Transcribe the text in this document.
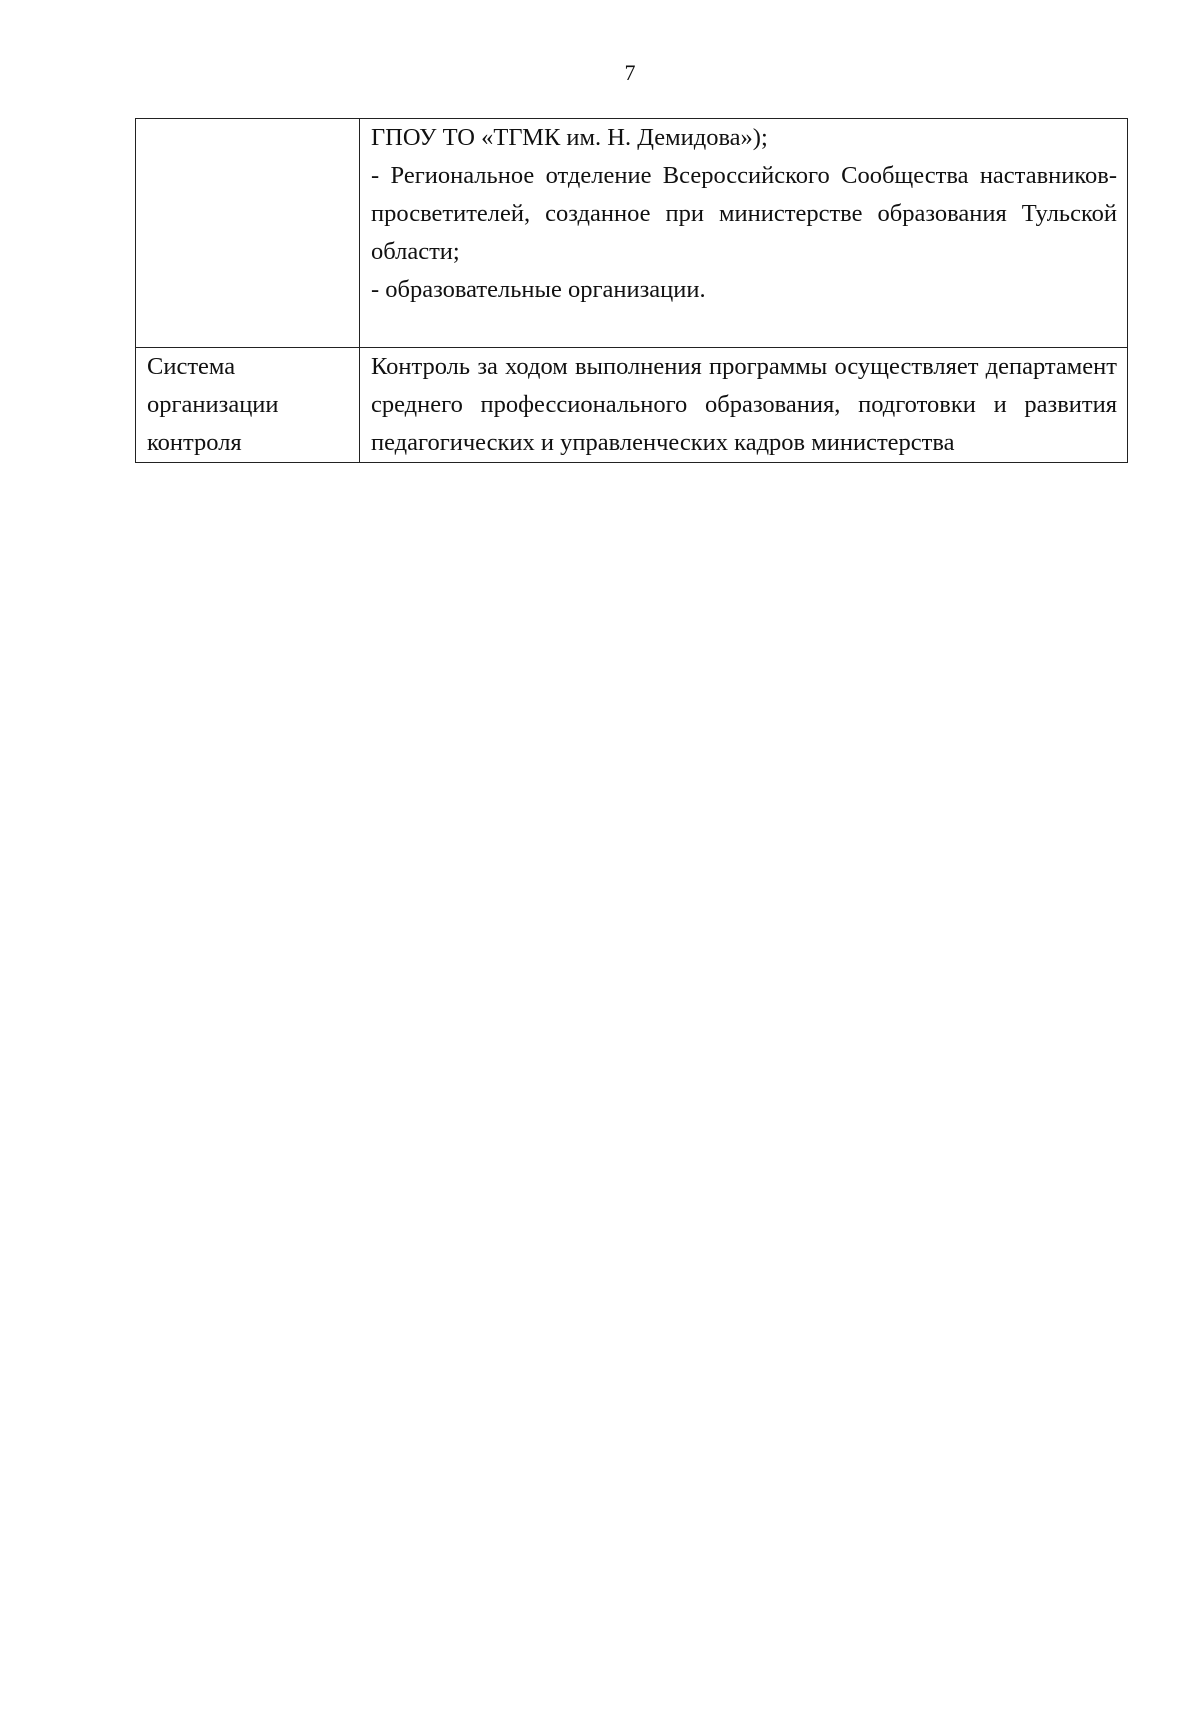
7

	ГПОУ ТО «ТГМК им. Н. Демидова»);

- Региональное отделение Всероссийского Сообщества наставников-просветителей, созданное при министерстве образования Тульской области;

- образовательные организации.

Система
организации
контроля	Контроль за ходом выполнения программы осуществляет департамент среднего профессионального образования, подготовки и развития педагогических и управленческих кадров министерства
